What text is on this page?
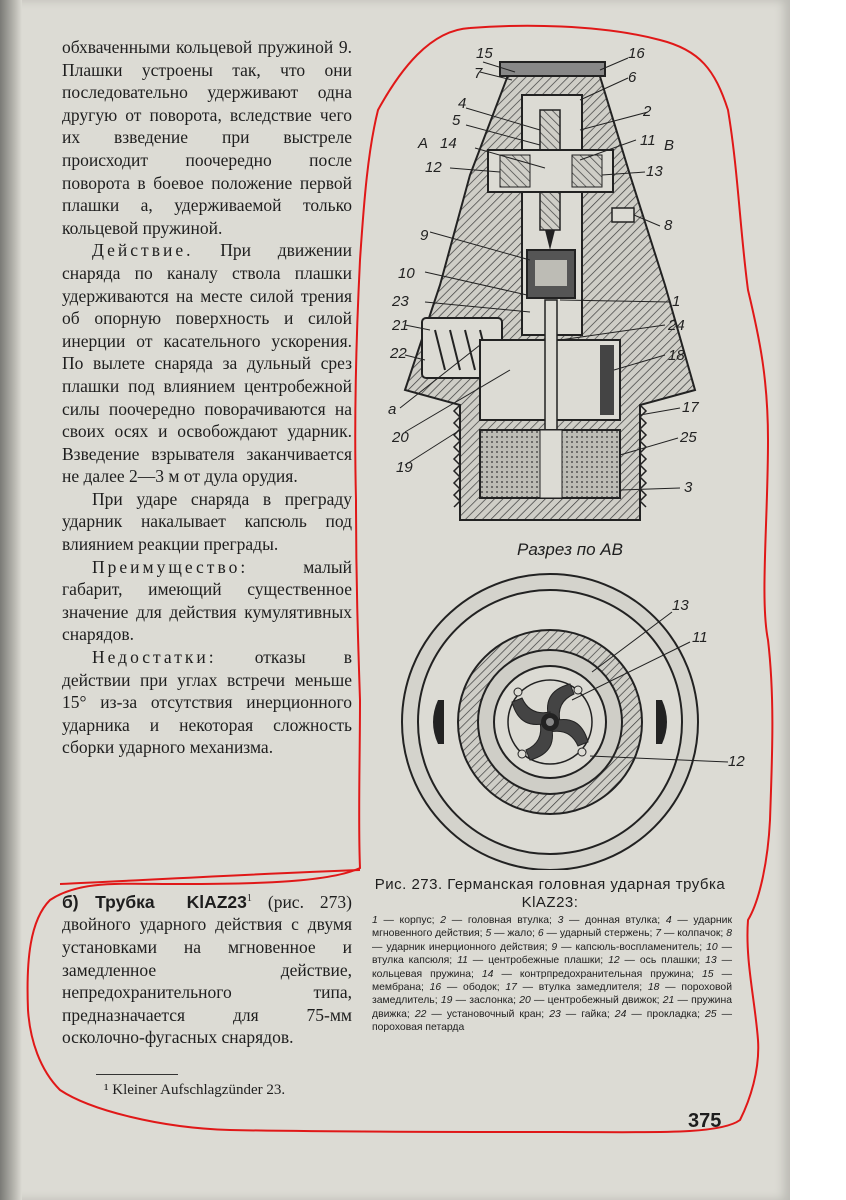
обхваченными кольцевой пружиной 9. Плашки устроены так, что они последовательно удерживают одна другую от поворота, вследствие чего их взведение при выстреле происходит поочередно после поворота в боевое положение первой плашки a, удерживаемой только кольцевой пружиной.

Действие. При движении снаряда по каналу ствола плашки удерживаются на месте силой трения об опорную поверхность и силой инерции от касательного ускорения. По вылете снаряда за дульный срез плашки под влиянием центробежной силы поочередно поворачиваются на своих осях и освобождают ударник. Взведение взрывателя заканчивается не далее 2—3 м от дула орудия.

При ударе снаряда в преграду ударник накалывает капсюль под влиянием реакции преграды.

Преимущество: малый габарит, имеющий существенное значение для действия кумулятивных снарядов.

Недостатки: отказы в действии при углах встречи меньше 15° из-за отсутствия инерционного ударника и некоторая сложность сборки ударного механизма.

б) Трубка $KlAZ23^1$ (рис. 273) двойного ударного действия с двумя установками на мгновенное и замедленное действие, непредохранительного типа, предназначается для 75-мм осколочно-фугасных снарядов.
¹ Kleiner Aufschlagzünder 23.
15	16
7	6
4	2
5
А 14	11 В
12	13
8
9
10
23	1
21	24
22	18
a	17
20	25
19
3
13
11
12
Разрез по АВ
Рис. 273. Германская головная ударная трубка KlAZ23:
1 — корпус; 2 — головная втулка; 3 — донная втулка; 4 — ударник мгновенного действия; 5 — жало; 6 — ударный стержень; 7 — колпачок; 8 — ударник инерционного действия; 9 — капсюль-воспламенитель; 10 — втулка капсюля; 11 — центробежные плашки; 12 — ось плашки; 13 — кольцевая пружина; 14 — контрпредохранительная пружина; 15 — мембрана; 16 — ободок; 17 — втулка замедлителя; 18 — пороховой замедлитель; 19 — заслонка; 20 — центробежный движок; 21 — пружина движка; 22 — установочный кран; 23 — гайка; 24 — прокладка; 25 — пороховая петарда
375
